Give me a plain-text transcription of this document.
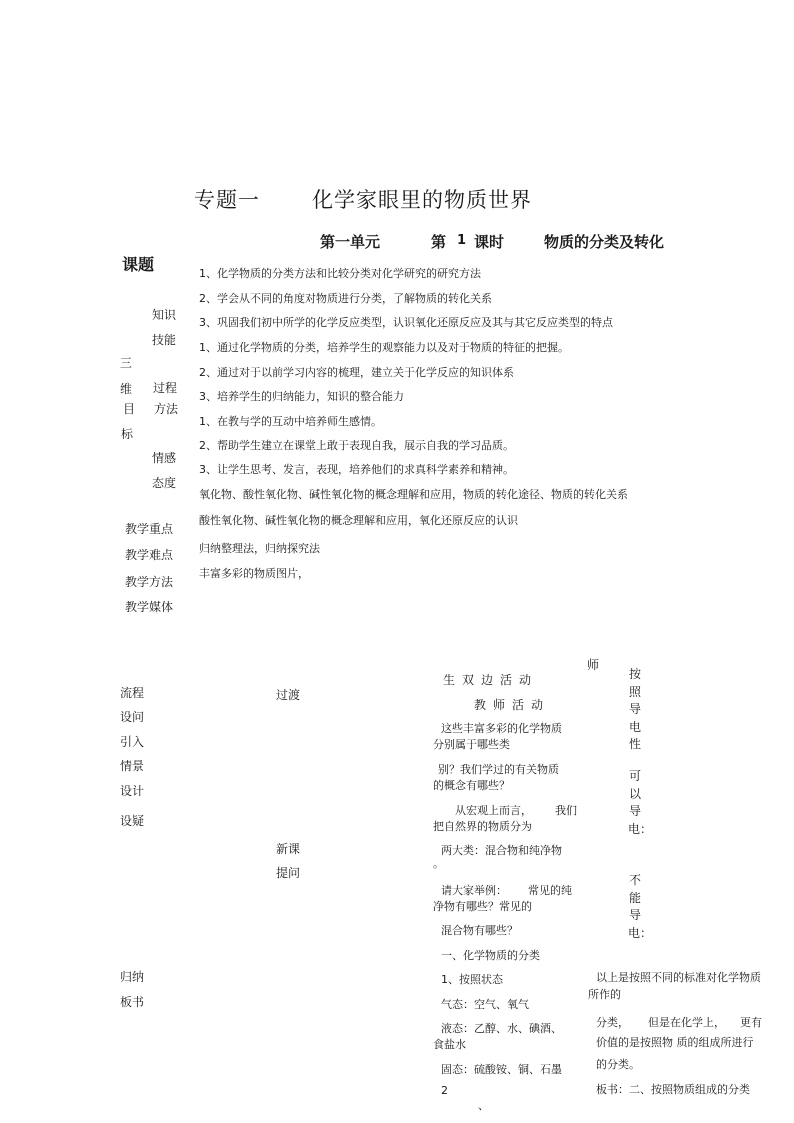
专题一 化学家眼里的物质世界
第一单元	第 1 课时	物质的分类及转化
课题
知识
技能
三
维 过程
目 方法
标
情感
态度
教学重点
教学难点
教学方法
教学媒体
1、化学物质的分类方法和比较分类对化学研究的研究方法
2、学会从不同的角度对物质进行分类，了解物质的转化关系
3、巩固我们初中所学的化学反应类型，认识氧化还原反应及其与其它反应类型的特点
1、通过化学物质的分类，培养学生的观察能力以及对于物质的特征的把握。
2、通过对于以前学习内容的梳理，建立关于化学反应的知识体系
3、培养学生的归纳能力，知识的整合能力
1、在教与学的互动中培养师生感情。
2、帮助学生建立在课堂上敢于表现自我，展示自我的学习品质。
3、让学生思考、发言，表现，培养他们的求真科学素养和精神。
氧化物、酸性氧化物、碱性氧化物的概念理解和应用，物质的转化途径、物质的转化关系
酸性氧化物、碱性氧化物的概念理解和应用，氧化还原反应的认识
归纳整理法，归纳探究法
丰富多彩的物质图片，
流程
设问
引入
情景
设计
设疑
归纳
板书
过渡
新课
提问
师
生双边活动
教师活动
这些丰富多彩的化学物质
分别属于哪些类
别？我们学过的有关物质
的概念有哪些？
从宏观上而言， 我们
把自然界的物质分为
两大类：混合物和纯净物
。
请大家举例： 常见的纯
净物有哪些？常见的
混合物有哪些？
一、化学物质的分类
1、按照状态
气态：空气、氧气
液态：乙醇、水、碘酒、
食盐水
固态：硫酸铵、铜、石墨
2
、
按照导电性
可以导电：
不能导电：
以上是按照不同的标准对化学物质
所作的
分类， 但是在化学上， 更有
价值的是按照物 质的组成所进行
的分类。
板书：二、按照物质组成的分类
